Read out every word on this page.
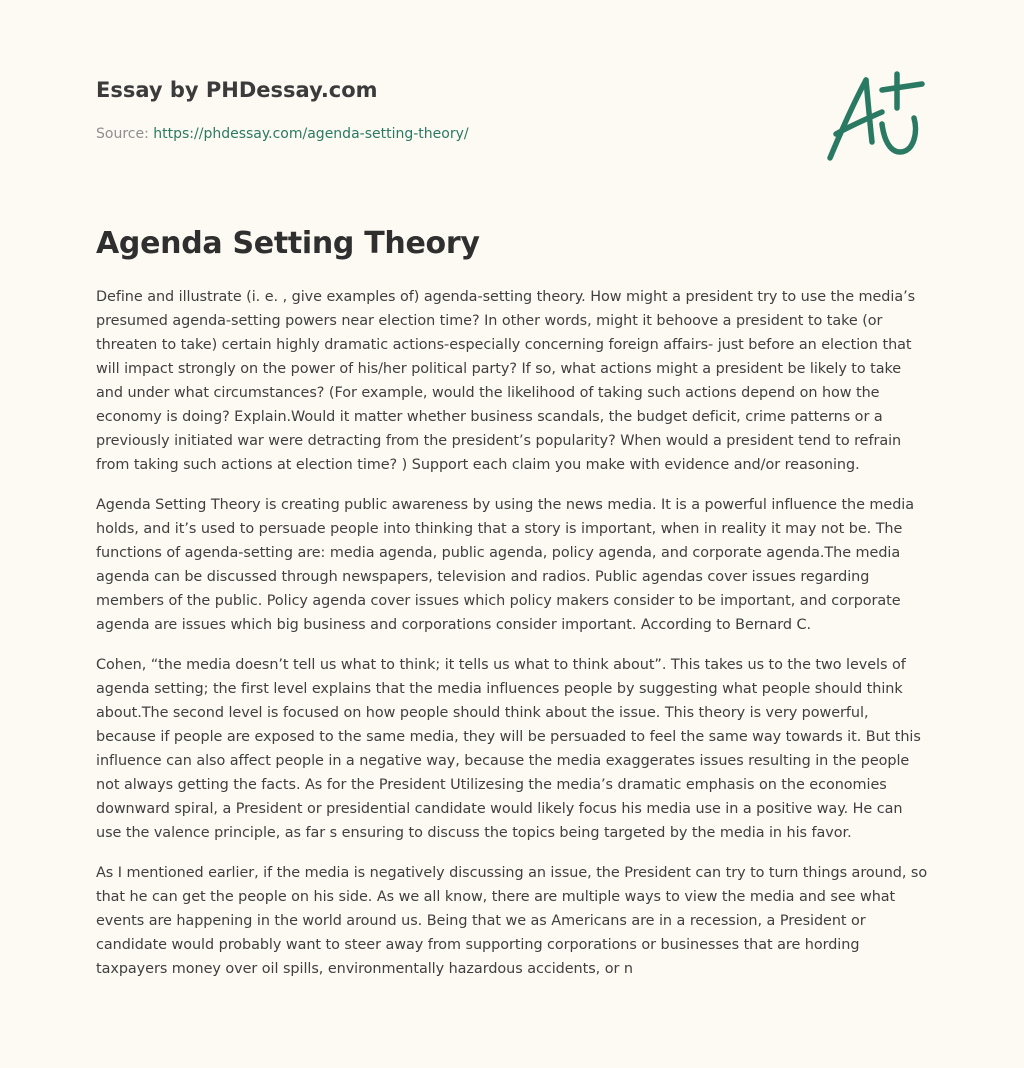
Essay by PHDessay.com
Source: https://phdessay.com/agenda-setting-theory/
Agenda Setting Theory

Define and illustrate (i. e. , give examples of) agenda-setting theory. How might a president try to use the media’s presumed agenda-setting powers near election time? In other words, might it behoove a president to take (or threaten to take) certain highly dramatic actions-especially concerning foreign affairs- just before an election that will impact strongly on the power of his/her political party? If so, what actions might a president be likely to take and under what circumstances? (For example, would the likelihood of taking such actions depend on how the economy is doing? Explain.Would it matter whether business scandals, the budget deficit, crime patterns or a previously initiated war were detracting from the president’s popularity? When would a president tend to refrain from taking such actions at election time? ) Support each claim you make with evidence and/or reasoning.

Agenda Setting Theory is creating public awareness by using the news media. It is a powerful influence the media holds, and it’s used to persuade people into thinking that a story is important, when in reality it may not be. The functions of agenda-setting are: media agenda, public agenda, policy agenda, and corporate agenda.The media agenda can be discussed through newspapers, television and radios. Public agendas cover issues regarding members of the public. Policy agenda cover issues which policy makers consider to be important, and corporate agenda are issues which big business and corporations consider important. According to Bernard C.

Cohen, “the media doesn’t tell us what to think; it tells us what to think about”. This takes us to the two levels of agenda setting; the first level explains that the media influences people by suggesting what people should think about.The second level is focused on how people should think about the issue. This theory is very powerful, because if people are exposed to the same media, they will be persuaded to feel the same way towards it. But this influence can also affect people in a negative way, because the media exaggerates issues resulting in the people not always getting the facts. As for the President Utilizesing the media’s dramatic emphasis on the economies downward spiral, a President or presidential candidate would likely focus his media use in a positive way. He can use the valence principle, as far s ensuring to discuss the topics being targeted by the media in his favor.

As I mentioned earlier, if the media is negatively discussing an issue, the President can try to turn things around, so that he can get the people on his side. As we all know, there are multiple ways to view the media and see what events are happening in the world around us. Being that we as Americans are in a recession, a President or candidate would probably want to steer away from supporting corporations or businesses that are hording taxpayers money over oil spills, environmentally hazardous accidents, or n
